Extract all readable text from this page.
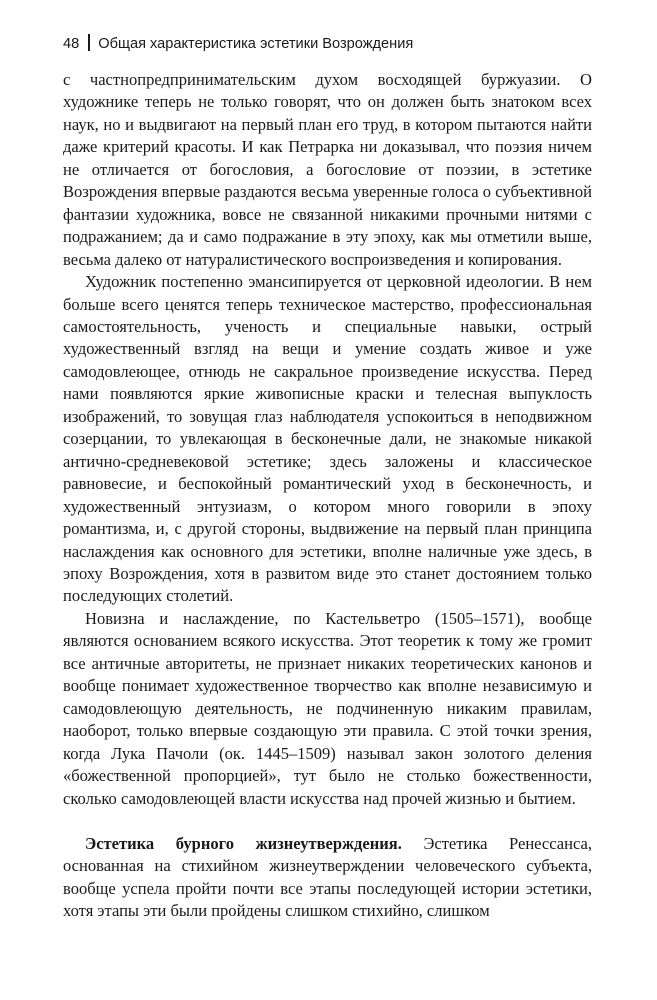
48 Общая характеристика эстетики Возрождения

с частнопредпринимательским духом восходящей буржуазии. О художнике теперь не только говорят, что он должен быть знатоком всех наук, но и выдвигают на первый план его труд, в котором пытаются найти даже критерий красоты. И как Петрарка ни доказывал, что поэзия ничем не отличается от богословия, а богословие от поэзии, в эстетике Возрождения впервые раздаются весьма уверенные голоса о субъективной фантазии художника, вовсе не связанной никакими прочными нитями с подражанием; да и само подражание в эту эпоху, как мы отметили выше, весьма далеко от натуралистического воспроизведения и копирования.

Художник постепенно эмансипируется от церковной идеологии. В нем больше всего ценятся теперь техническое мастерство, профессиональная самостоятельность, ученость и специальные навыки, острый художественный взгляд на вещи и умение создать живое и уже самодовлеющее, отнюдь не сакральное произведение искусства. Перед нами появляются яркие живописные краски и телесная выпуклость изображений, то зовущая глаз наблюдателя успокоиться в неподвижном созерцании, то увлекающая в бесконечные дали, не знакомые никакой антично-средневековой эстетике; здесь заложены и классическое равновесие, и беспокойный романтический уход в бесконечность, и художественный энтузиазм, о котором много говорили в эпоху романтизма, и, с другой стороны, выдвижение на первый план принципа наслаждения как основного для эстетики, вполне наличные уже здесь, в эпоху Возрождения, хотя в развитом виде это станет достоянием только последующих столетий.

Новизна и наслаждение, по Кастельветро (1505–1571), вообще являются основанием всякого искусства. Этот теоретик к тому же громит все античные авторитеты, не признает никаких теоретических канонов и вообще понимает художественное творчество как вполне независимую и самодовлеющую деятельность, не подчиненную никаким правилам, наоборот, только впервые создающую эти правила. С этой точки зрения, когда Лука Пачоли (ок. 1445–1509) называл закон золотого деления «божественной пропорцией», тут было не столько божественности, сколько самодовлеющей власти искусства над прочей жизнью и бытием.

Эстетика бурного жизнеутверждения. Эстетика Ренессанса, основанная на стихийном жизнеутверждении человеческого субъекта, вообще успела пройти почти все этапы последующей истории эстетики, хотя этапы эти были пройдены слишком стихийно, слишком
